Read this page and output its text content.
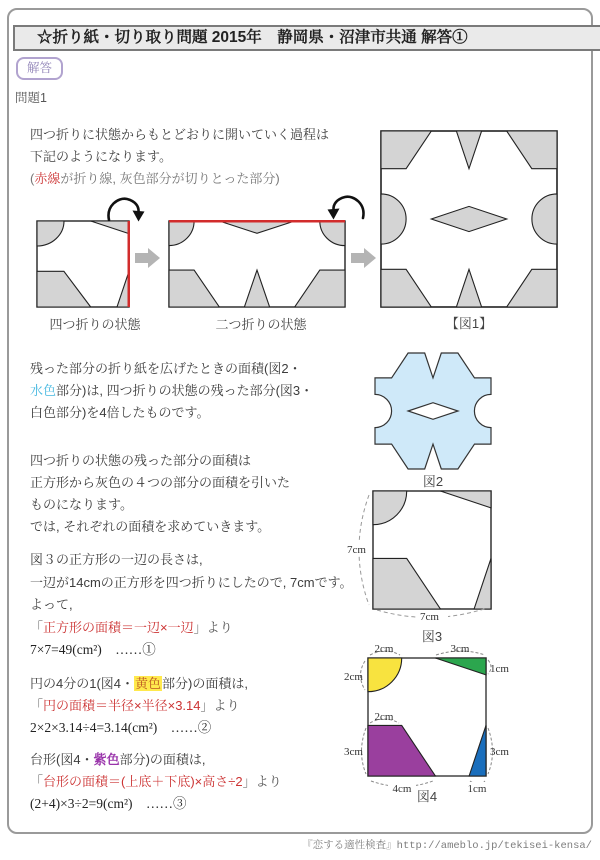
☆折り紙・切り取り問題 2015年　静岡県・沼津市共通 解答①
解答
問題1
四つ折りに状態からもとどおりに開いていく過程は
下記のようになります。
(赤線が折り線, 灰色部分が切りとった部分)
四つ折りの状態	二つ折りの状態	【図1】
残った部分の折り紙を広げたときの面積(図2・
水色部分)は, 四つ折りの状態の残った部分(図3・
白色部分)を4倍したものです。
四つ折りの状態の残った部分の面積は
正方形から灰色の４つの部分の面積を引いた
ものになります。
では, それぞれの面積を求めていきます。
図2
7cm
7cm
図3
図３の正方形の一辺の長さは,
一辺が14cmの正方形を四つ折りにしたので, 7cmです。
よって,
「正方形の面積＝一辺×一辺」より
7×7=49(cm²)　……①
円の4分の1(図4・黄色部分)の面積は,
「円の面積＝半径×半径×3.14」より
2×2×3.14÷4=3.14(cm²)　……②
台形(図4・紫色部分)の面積は,
「台形の面積＝(上底＋下底)×高さ÷2」より
(2+4)×3÷2=9(cm²)　……③
2cm	3cm
1cm
2cm
2cm
3cm
4cm
3cm
1cm
図4
『恋する適性検査』http://ameblo.jp/tekisei-kensa/
